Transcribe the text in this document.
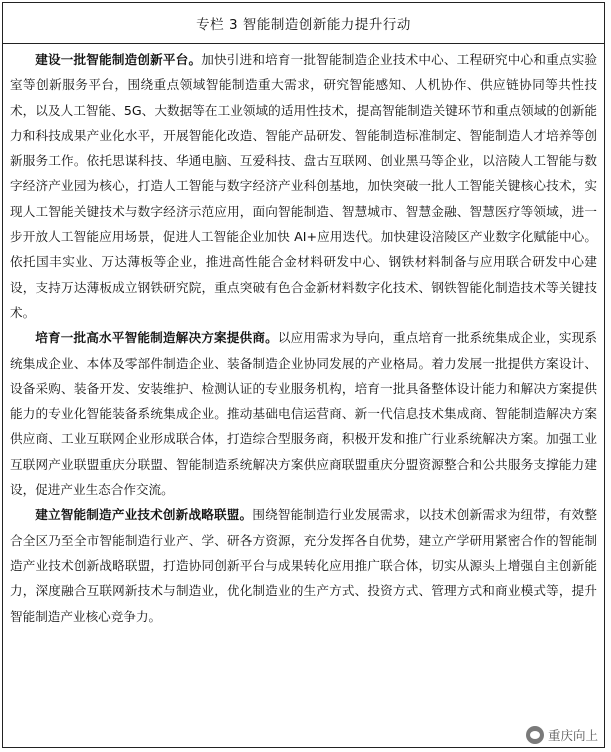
专栏 3 智能制造创新能力提升行动

建设一批智能制造创新平台。加快引进和培育一批智能制造企业技术中心、工程研究中心和重点实验室等创新服务平台，围绕重点领域智能制造重大需求，研究智能感知、人机协作、供应链协同等共性技术，以及人工智能、5G、大数据等在工业领域的适用性技术，提高智能制造关键环节和重点领域的创新能力和科技成果产业化水平，开展智能化改造、智能产品研发、智能制造标准制定、智能制造人才培养等创新服务工作。依托思谋科技、华通电脑、互爱科技、盘古互联网、创业黑马等企业，以涪陵人工智能与数字经济产业园为核心，打造人工智能与数字经济产业科创基地，加快突破一批人工智能关键核心技术，实现人工智能关键技术与数字经济示范应用，面向智能制造、智慧城市、智慧金融、智慧医疗等领域，进一步开放人工智能应用场景，促进人工智能企业加快 AI+应用迭代。加快建设涪陵区产业数字化赋能中心。依托国丰实业、万达薄板等企业，推进高性能合金材料研发中心、钢铁材料制备与应用联合研发中心建设，支持万达薄板成立钢铁研究院，重点突破有色合金新材料数字化技术、钢铁智能化制造技术等关键技术。

培育一批高水平智能制造解决方案提供商。以应用需求为导向，重点培育一批系统集成企业，实现系统集成企业、本体及零部件制造企业、装备制造企业协同发展的产业格局。着力发展一批提供方案设计、设备采购、装备开发、安装维护、检测认证的专业服务机构，培育一批具备整体设计能力和解决方案提供能力的专业化智能装备系统集成企业。推动基础电信运营商、新一代信息技术集成商、智能制造解决方案供应商、工业互联网企业形成联合体，打造综合型服务商，积极开发和推广行业系统解决方案。加强工业互联网产业联盟重庆分联盟、智能制造系统解决方案供应商联盟重庆分盟资源整合和公共服务支撑能力建设，促进产业生态合作交流。

建立智能制造产业技术创新战略联盟。围绕智能制造行业发展需求，以技术创新需求为纽带，有效整合全区乃至全市智能制造行业产、学、研各方资源，充分发挥各自优势，建立产学研用紧密合作的智能制造产业技术创新战略联盟，打造协同创新平台与成果转化应用推广联合体，切实从源头上增强自主创新能力，深度融合互联网新技术与制造业，优化制造业的生产方式、投资方式、管理方式和商业模式等，提升智能制造产业核心竞争力。

重庆向上
